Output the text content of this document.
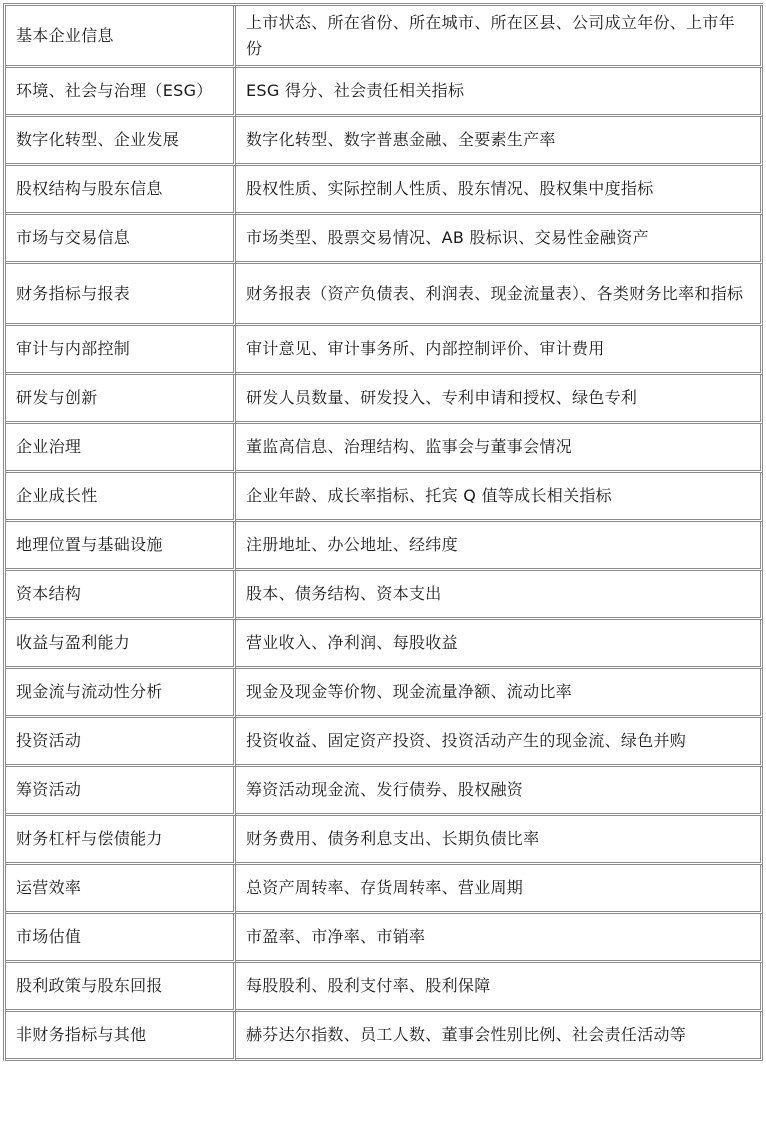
基本企业信息	上市状态、所在省份、所在城市、所在区县、公司成立年份、上市年份
环境、社会与治理（ESG）	ESG 得分、社会责任相关指标
数字化转型、企业发展	数字化转型、数字普惠金融、全要素生产率
股权结构与股东信息	股权性质、实际控制人性质、股东情况、股权集中度指标
市场与交易信息	市场类型、股票交易情况、AB 股标识、交易性金融资产
财务指标与报表	财务报表（资产负债表、利润表、现金流量表）、各类财务比率和指标
审计与内部控制	审计意见、审计事务所、内部控制评价、审计费用
研发与创新	研发人员数量、研发投入、专利申请和授权、绿色专利
企业治理	董监高信息、治理结构、监事会与董事会情况
企业成长性	企业年龄、成长率指标、托宾 Q 值等成长相关指标
地理位置与基础设施	注册地址、办公地址、经纬度
资本结构	股本、债务结构、资本支出
收益与盈利能力	营业收入、净利润、每股收益
现金流与流动性分析	现金及现金等价物、现金流量净额、流动比率
投资活动	投资收益、固定资产投资、投资活动产生的现金流、绿色并购
筹资活动	筹资活动现金流、发行债券、股权融资
财务杠杆与偿债能力	财务费用、债务利息支出、长期负债比率
运营效率	总资产周转率、存货周转率、营业周期
市场估值	市盈率、市净率、市销率
股利政策与股东回报	每股股利、股利支付率、股利保障
非财务指标与其他	赫芬达尔指数、员工人数、董事会性别比例、社会责任活动等
